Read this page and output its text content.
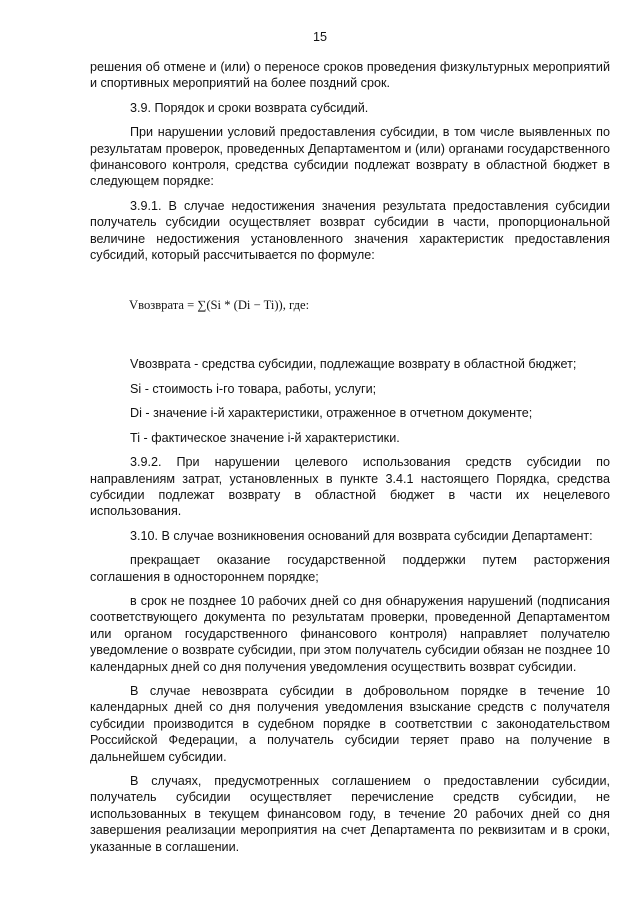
15

решения об отмене и (или) о переносе сроков проведения физкультурных мероприятий и спортивных мероприятий на более поздний срок.

3.9. Порядок и сроки возврата субсидий.

При нарушении условий предоставления субсидии, в том числе выявленных по результатам проверок, проведенных Департаментом и (или) органами государственного финансового контроля, средства субсидии подлежат возврату в областной бюджет в следующем порядке:

3.9.1. В случае недостижения значения результата предоставления субсидии получатель субсидии осуществляет возврат субсидии в части, пропорциональной величине недостижения установленного значения характеристик предоставления субсидий, который рассчитывается по формуле:

Vвозврата = ∑(Si * (Di − Ti)), где:

Vвозврата - средства субсидии, подлежащие возврату в областной бюджет;

Si - стоимость i-го товара, работы, услуги;

Di - значение i-й характеристики, отраженное в отчетном документе;

Ti - фактическое значение i-й характеристики.

3.9.2. При нарушении целевого использования средств субсидии по направлениям затрат, установленных в пункте 3.4.1 настоящего Порядка, средства субсидии подлежат возврату в областной бюджет в части их нецелевого использования.

3.10. В случае возникновения оснований для возврата субсидии Департамент:

прекращает оказание государственной поддержки путем расторжения соглашения в одностороннем порядке;

в срок не позднее 10 рабочих дней со дня обнаружения нарушений (подписания соответствующего документа по результатам проверки, проведенной Департаментом или органом государственного финансового контроля) направляет получателю уведомление о возврате субсидии, при этом получатель субсидии обязан не позднее 10 календарных дней со дня получения уведомления осуществить возврат субсидии.

В случае невозврата субсидии в добровольном порядке в течение 10 календарных дней со дня получения уведомления взыскание средств с получателя субсидии производится в судебном порядке в соответствии с законодательством Российской Федерации, а получатель субсидии теряет право на получение в дальнейшем субсидии.

В случаях, предусмотренных соглашением о предоставлении субсидии, получатель субсидии осуществляет перечисление средств субсидии, не использованных в текущем финансовом году, в течение 20 рабочих дней со дня завершения реализации мероприятия на счет Департамента по реквизитам и в сроки, указанные в соглашении.
